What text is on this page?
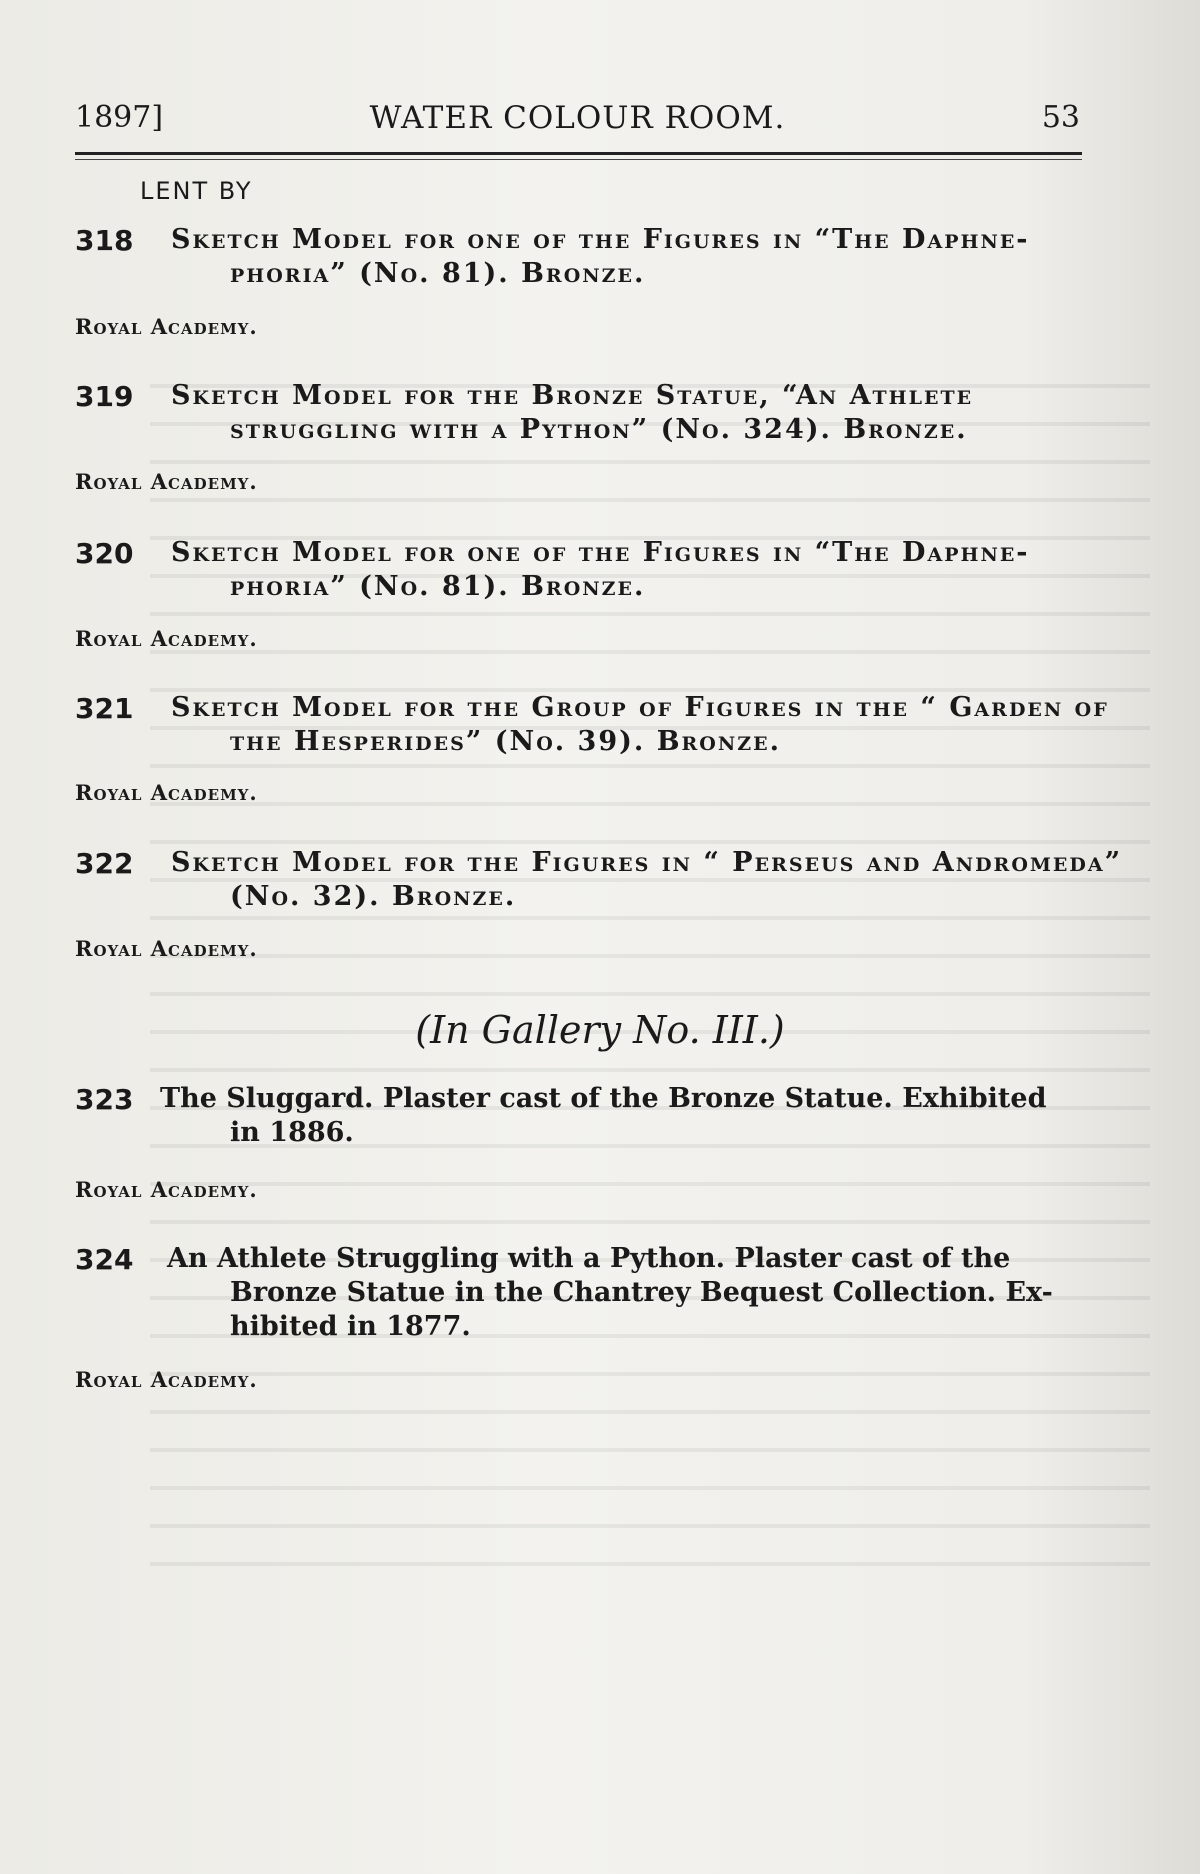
1897]	WATER COLOUR ROOM.	53
LENT BY
318 Sketch Model for one of the Figures in “The Daphne-
phoria” (No. 81). Bronze.
Royal Academy.
319 Sketch Model for the Bronze Statue, “An Athlete
struggling with a Python” (No. 324). Bronze.
Royal Academy.
320 Sketch Model for one of the Figures in “The Daphne-
phoria” (No. 81). Bronze.
Royal Academy.
321 Sketch Model for the Group of Figures in the “ Garden of
the Hesperides” (No. 39). Bronze.
Royal Academy.
322 Sketch Model for the Figures in “ Perseus and Andromeda”
(No. 32). Bronze.
Royal Academy.
(In Gallery No. III.)
323 The Sluggard. Plaster cast of the Bronze Statue. Exhibited
in 1886.
Royal Academy.
324 An Athlete Struggling with a Python. Plaster cast of the
Bronze Statue in the Chantrey Bequest Collection. Ex-
hibited in 1877.
Royal Academy.
